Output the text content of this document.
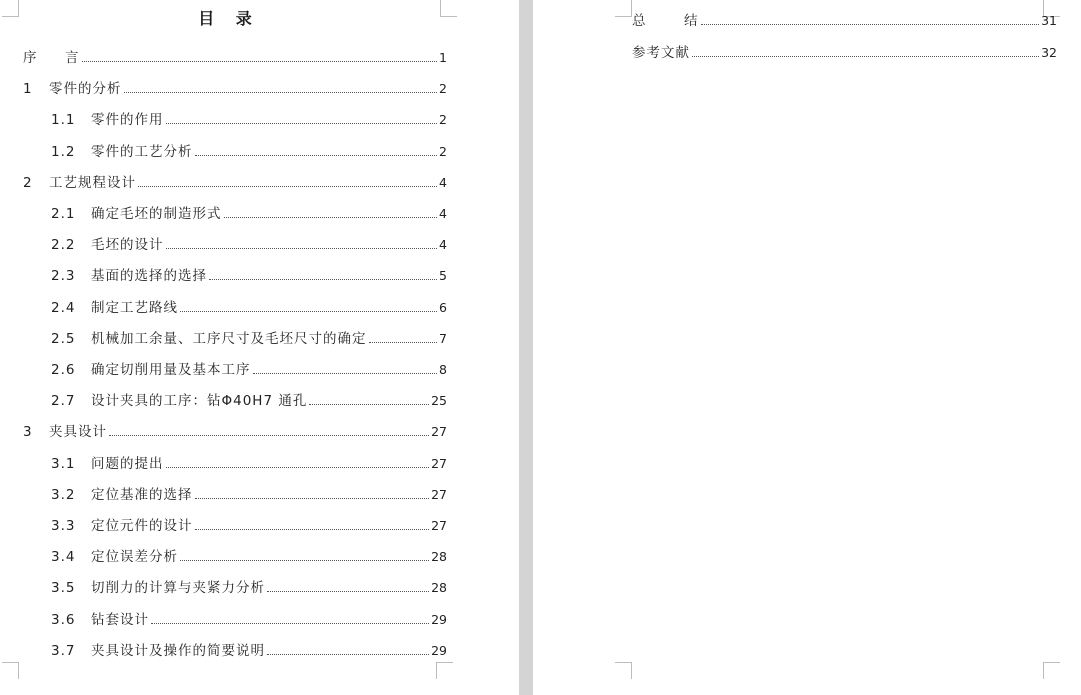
目 录
序	言	1
1	零件的分析	2
1.1	零件的作用	2
1.2	零件的工艺分析	2
2	工艺规程设计	4
2.1	确定毛坯的制造形式	4
2.2	毛坯的设计	4
2.3	基面的选择的选择	5
2.4	制定工艺路线	6
2.5	机械加工余量、工序尺寸及毛坯尺寸的确定	7
2.6	确定切削用量及基本工序	8
2.7	设计夹具的工序：钻Φ40H7 通孔	25
3	夹具设计	27
3.1	问题的提出	27
3.2	定位基准的选择	27
3.3	定位元件的设计	27
3.4	定位误差分析	28
3.5	切削力的计算与夹紧力分析	28
3.6	钻套设计	29
3.7	夹具设计及操作的简要说明	29
总	结	31
参考文献	32
